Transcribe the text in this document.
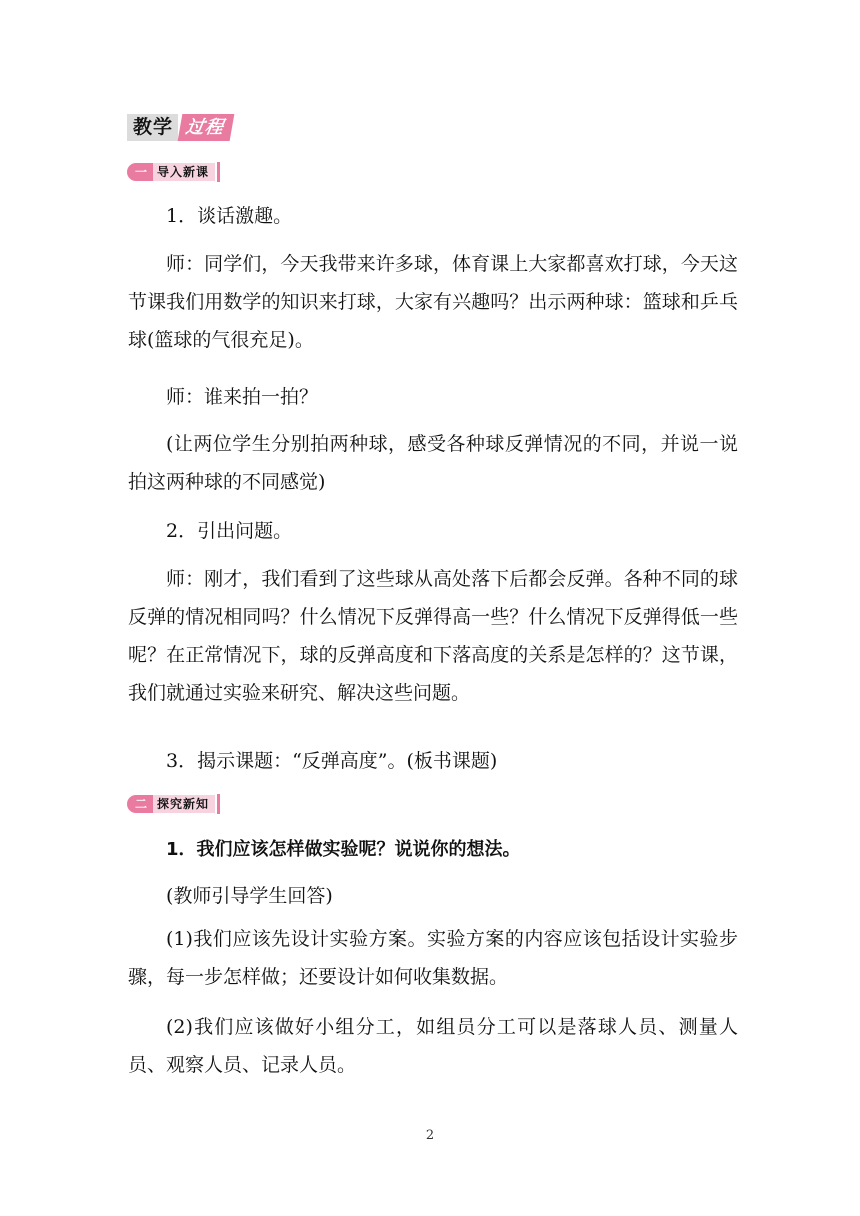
教学 过程
一 导入新课

1．谈话激趣。

师：同学们，今天我带来许多球，体育课上大家都喜欢打球，今天这节课我们用数学的知识来打球，大家有兴趣吗？出示两种球：篮球和乒乓球(篮球的气很充足)。

师：谁来拍一拍？

(让两位学生分别拍两种球，感受各种球反弹情况的不同，并说一说拍这两种球的不同感觉)

2．引出问题。

师：刚才，我们看到了这些球从高处落下后都会反弹。各种不同的球反弹的情况相同吗？什么情况下反弹得高一些？什么情况下反弹得低一些呢？在正常情况下，球的反弹高度和下落高度的关系是怎样的？这节课，我们就通过实验来研究、解决这些问题。

3．揭示课题：“反弹高度”。(板书课题)

二 探究新知

1．我们应该怎样做实验呢？说说你的想法。

(教师引导学生回答)

(1)我们应该先设计实验方案。实验方案的内容应该包括设计实验步骤，每一步怎样做；还要设计如何收集数据。

(2)我们应该做好小组分工，如组员分工可以是落球人员、测量人员、观察人员、记录人员。

2
